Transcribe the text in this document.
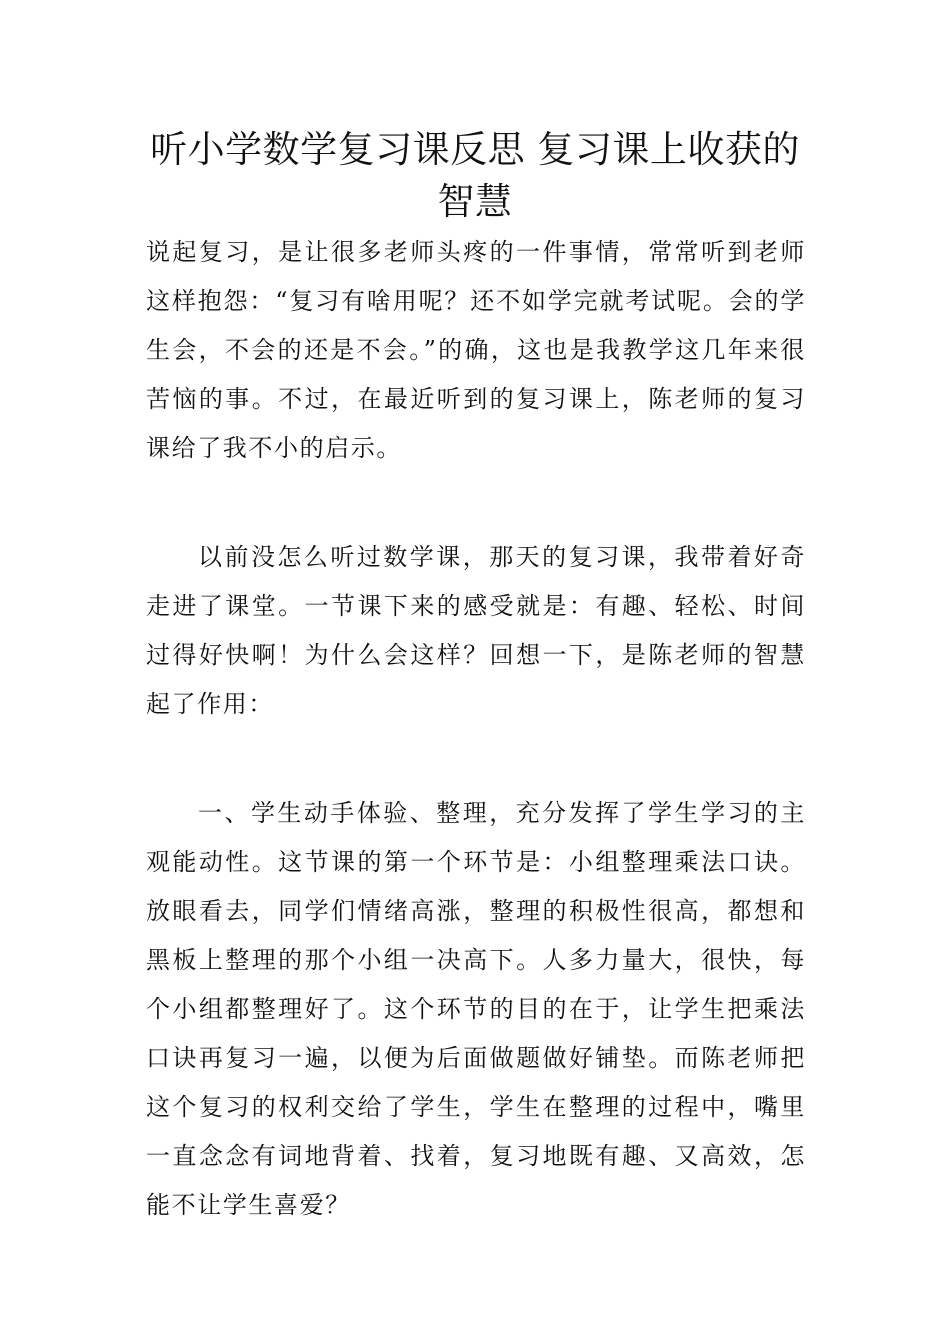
听小学数学复习课反思 复习课上收获的智慧

说起复习，是让很多老师头疼的一件事情，常常听到老师这样抱怨：“复习有啥用呢？还不如学完就考试呢。会的学生会，不会的还是不会。”的确，这也是我教学这几年来很苦恼的事。不过，在最近听到的复习课上，陈老师的复习课给了我不小的启示。

以前没怎么听过数学课，那天的复习课，我带着好奇走进了课堂。一节课下来的感受就是：有趣、轻松、时间过得好快啊！为什么会这样？回想一下，是陈老师的智慧起了作用：

一、学生动手体验、整理，充分发挥了学生学习的主观能动性。这节课的第一个环节是：小组整理乘法口诀。放眼看去，同学们情绪高涨，整理的积极性很高，都想和黑板上整理的那个小组一决高下。人多力量大，很快，每个小组都整理好了。这个环节的目的在于，让学生把乘法口诀再复习一遍，以便为后面做题做好铺垫。而陈老师把这个复习的权利交给了学生，学生在整理的过程中，嘴里一直念念有词地背着、找着，复习地既有趣、又高效，怎能不让学生喜爱？
